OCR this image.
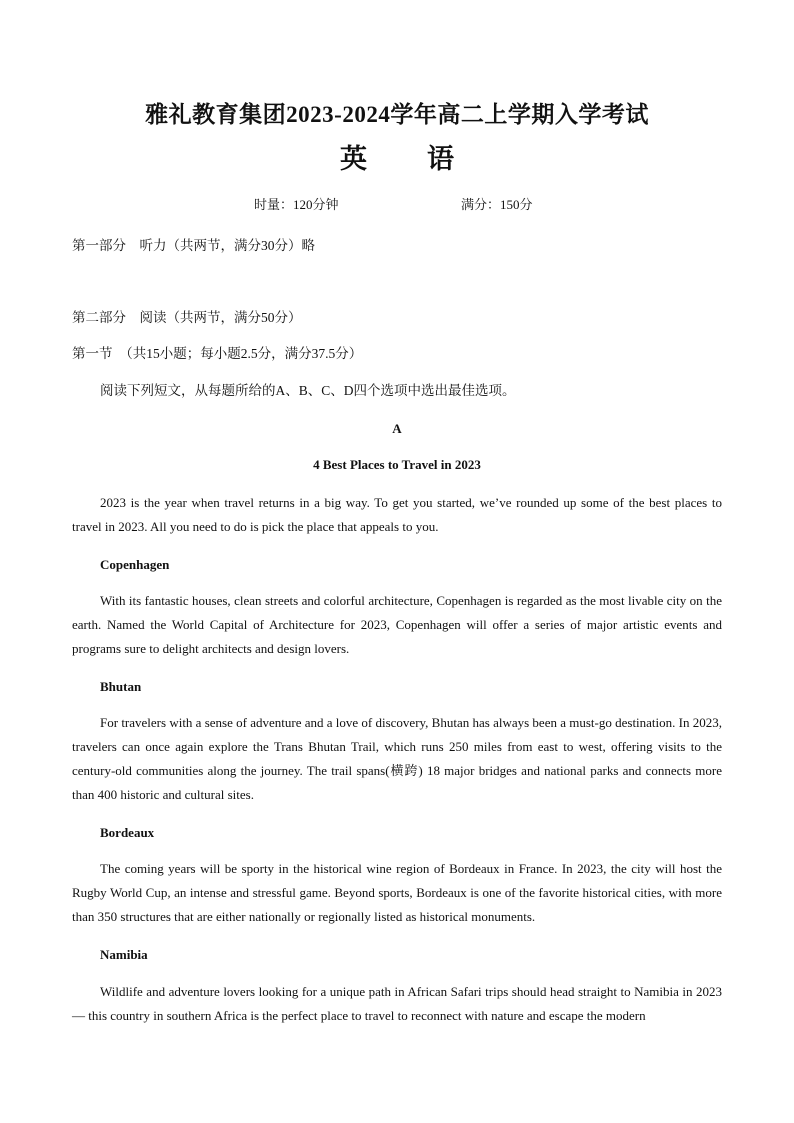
雅礼教育集团2023-2024学年高二上学期入学考试
英 语
时量：120分钟	满分：150分
第一部分　听力（共两节，满分30分）略
第二部分　阅读（共两节，满分50分）
第一节　（共15小题；每小题2.5分，满分37.5分）
阅读下列短文，从每题所给的A、B、C、D四个选项中选出最佳选项。
A
4 Best Places to Travel in 2023
2023 is the year when travel returns in a big way. To get you started, we’ve rounded up some of the best places to travel in 2023. All you need to do is pick the place that appeals to you.
Copenhagen
With its fantastic houses, clean streets and colorful architecture, Copenhagen is regarded as the most livable city on the earth. Named the World Capital of Architecture for 2023, Copenhagen will offer a series of major artistic events and programs sure to delight architects and design lovers.
Bhutan
For travelers with a sense of adventure and a love of discovery, Bhutan has always been a must-go destination. In 2023, travelers can once again explore the Trans Bhutan Trail, which runs 250 miles from east to west, offering visits to the century-old communities along the journey. The trail spans(横跨) 18 major bridges and national parks and connects more than 400 historic and cultural sites.
Bordeaux
The coming years will be sporty in the historical wine region of Bordeaux in France. In 2023, the city will host the Rugby World Cup, an intense and stressful game. Beyond sports, Bordeaux is one of the favorite historical cities, with more than 350 structures that are either nationally or regionally listed as historical monuments.
Namibia
Wildlife and adventure lovers looking for a unique path in African Safari trips should head straight to Namibia in 2023 — this country in southern Africa is the perfect place to travel to reconnect with nature and escape the modern
